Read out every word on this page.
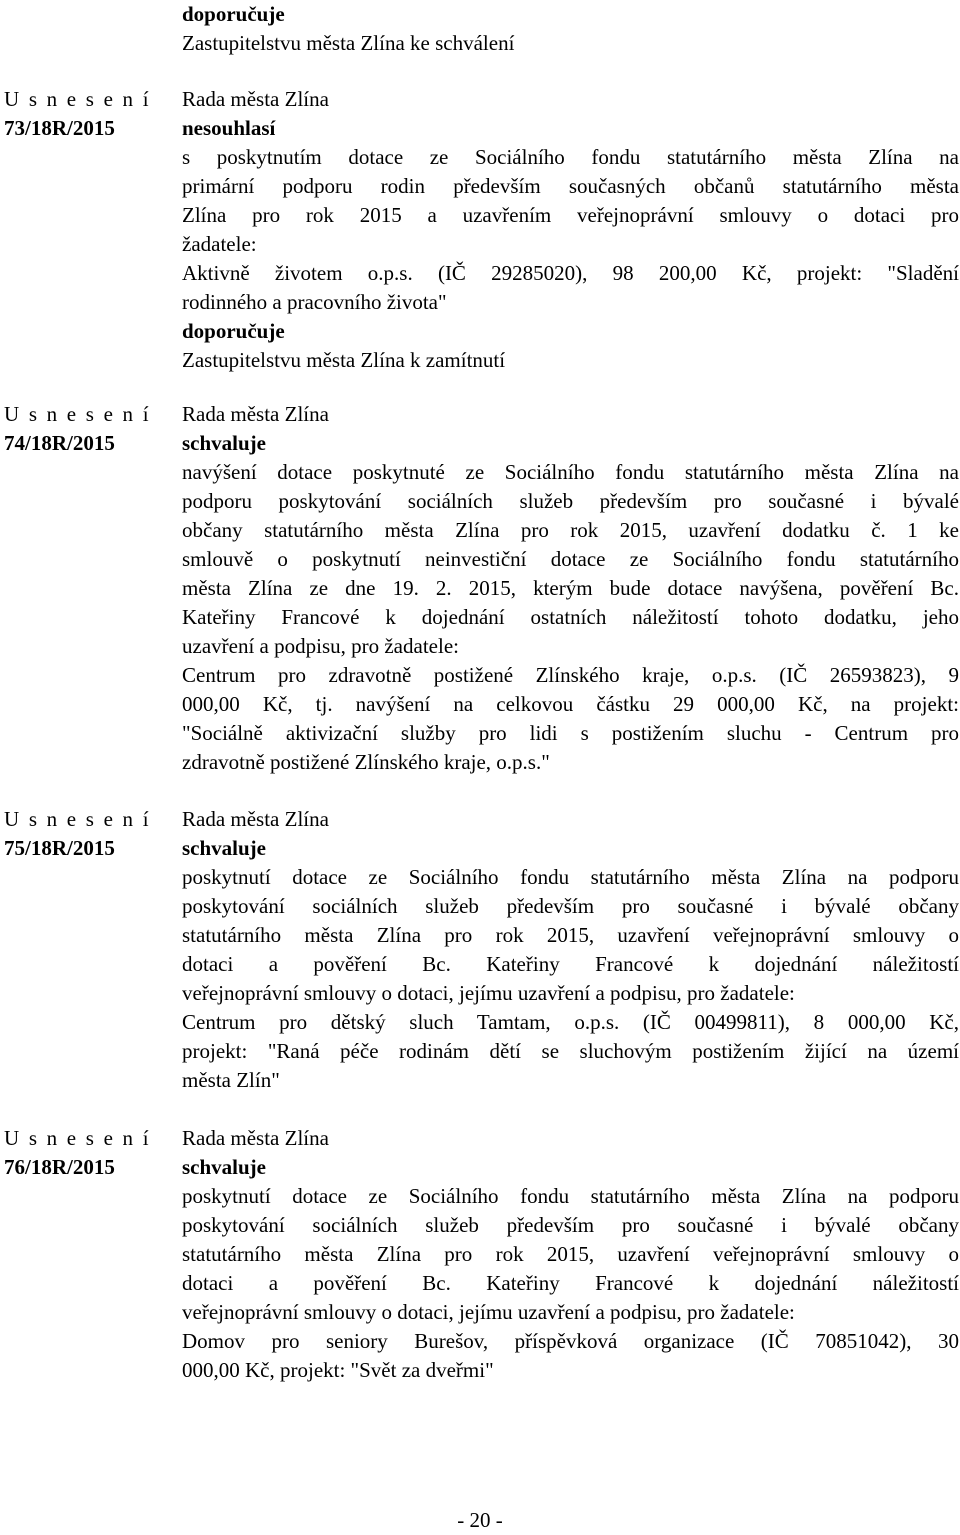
doporučuje
Zastupitelstvu města Zlína ke schválení
U s n e s e n í
73/18R/2015
Rada města Zlína
nesouhlasí
s poskytnutím dotace ze Sociálního fondu statutárního města Zlína na
primární podporu rodin především současných občanů statutárního města
Zlína pro rok 2015 a uzavřením veřejnoprávní smlouvy o dotaci pro
žadatele:
Aktivně životem o.p.s. (IČ 29285020), 98 200,00 Kč, projekt: "Sladění
rodinného a pracovního života"
doporučuje
Zastupitelstvu města Zlína k zamítnutí
U s n e s e n í
74/18R/2015
Rada města Zlína
schvaluje
navýšení dotace poskytnuté ze Sociálního fondu statutárního města Zlína na
podporu poskytování sociálních služeb především pro současné i bývalé
občany statutárního města Zlína pro rok 2015, uzavření dodatku č. 1 ke
smlouvě o poskytnutí neinvestiční dotace ze Sociálního fondu statutárního
města Zlína ze dne 19. 2. 2015, kterým bude dotace navýšena, pověření Bc.
Kateřiny Francové k dojednání ostatních náležitostí tohoto dodatku, jeho
uzavření a podpisu, pro žadatele:
Centrum pro zdravotně postižené Zlínského kraje, o.p.s. (IČ 26593823), 9
000,00 Kč, tj. navýšení na celkovou částku 29 000,00 Kč, na projekt:
"Sociálně aktivizační služby pro lidi s postižením sluchu - Centrum pro
zdravotně postižené Zlínského kraje, o.p.s."
U s n e s e n í
75/18R/2015
Rada města Zlína
schvaluje
poskytnutí dotace ze Sociálního fondu statutárního města Zlína na podporu
poskytování sociálních služeb především pro současné i bývalé občany
statutárního města Zlína pro rok 2015, uzavření veřejnoprávní smlouvy o
dotaci a pověření Bc. Kateřiny Francové k dojednání náležitostí
veřejnoprávní smlouvy o dotaci, jejímu uzavření a podpisu, pro žadatele:
Centrum pro dětský sluch Tamtam, o.p.s. (IČ 00499811), 8 000,00 Kč,
projekt: "Raná péče rodinám dětí se sluchovým postižením žijící na území
města Zlín"
U s n e s e n í
76/18R/2015
Rada města Zlína
schvaluje
poskytnutí dotace ze Sociálního fondu statutárního města Zlína na podporu
poskytování sociálních služeb především pro současné i bývalé občany
statutárního města Zlína pro rok 2015, uzavření veřejnoprávní smlouvy o
dotaci a pověření Bc. Kateřiny Francové k dojednání náležitostí
veřejnoprávní smlouvy o dotaci, jejímu uzavření a podpisu, pro žadatele:
Domov pro seniory Burešov, příspěvková organizace (IČ 70851042), 30
000,00 Kč, projekt: "Svět za dveřmi"
- 20 -
